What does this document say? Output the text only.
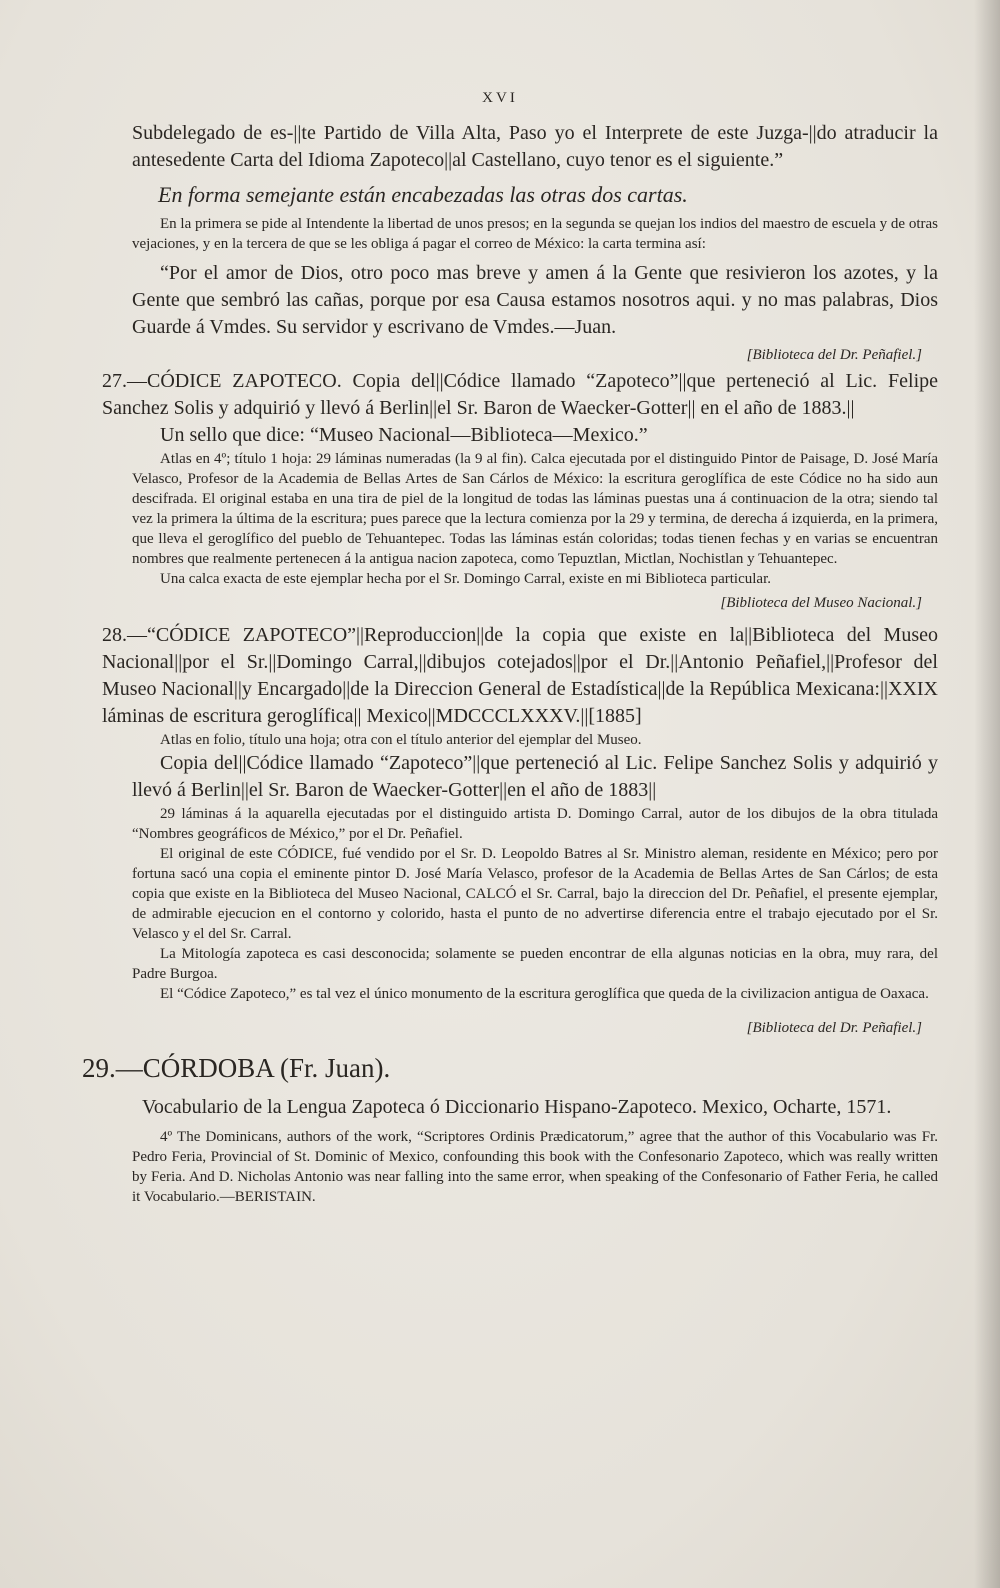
XVI

Subdelegado de es-||te Partido de Villa Alta, Paso yo el Interprete de este Juzga-||do atraducir la antesedente Carta del Idioma Zapoteco||al Castellano, cuyo tenor es el siguiente.”

En forma semejante están encabezadas las otras dos cartas.

En la primera se pide al Intendente la libertad de unos presos; en la segunda se quejan los indios del maestro de escuela y de otras vejaciones, y en la tercera de que se les obliga á pagar el correo de México: la carta termina así:

“Por el amor de Dios, otro poco mas breve y amen á la Gente que resivieron los azotes, y la Gente que sembró las cañas, porque por esa Causa estamos nosotros aqui. y no mas palabras, Dios Guarde á Vmdes. Su servidor y escrivano de Vmdes.—Juan.

[Biblioteca del Dr. Peñafiel.]

27.—CÓDICE ZAPOTECO. Copia del||Códice llamado “Zapoteco”||que perteneció al Lic. Felipe Sanchez Solis y adquirió y llevó á Berlin||el Sr. Baron de Waecker-Gotter|| en el año de 1883.||

Un sello que dice: “Museo Nacional—Biblioteca—Mexico.”

Atlas en 4º; título 1 hoja: 29 láminas numeradas (la 9 al fin). Calca ejecutada por el distinguido Pintor de Paisage, D. José María Velasco, Profesor de la Academia de Bellas Artes de San Cárlos de México: la escritura geroglífica de este Códice no ha sido aun descifrada. El original estaba en una tira de piel de la longitud de todas las láminas puestas una á continuacion de la otra; siendo tal vez la primera la última de la escritura; pues parece que la lectura comienza por la 29 y termina, de derecha á izquierda, en la primera, que lleva el geroglífico del pueblo de Tehuantepec. Todas las láminas están coloridas; todas tienen fechas y en varias se encuentran nombres que realmente pertenecen á la antigua nacion zapoteca, como Tepuztlan, Mictlan, Nochistlan y Tehuantepec.

Una calca exacta de este ejemplar hecha por el Sr. Domingo Carral, existe en mi Biblioteca particular.

[Biblioteca del Museo Nacional.]

28.—“CÓDICE ZAPOTECO”||Reproduccion||de la copia que existe en la||Biblioteca del Museo Nacional||por el Sr.||Domingo Carral,||dibujos cotejados||por el Dr.||Antonio Peñafiel,||Profesor del Museo Nacional||y Encargado||de la Direccion General de Estadística||de la República Mexicana:||XXIX láminas de escritura geroglífica|| Mexico||MDCCCLXXXV.||[1885]

Atlas en folio, título una hoja; otra con el título anterior del ejemplar del Museo.

Copia del||Códice llamado “Zapoteco”||que perteneció al Lic. Felipe Sanchez Solis y adquirió y llevó á Berlin||el Sr. Baron de Waecker-Gotter||en el año de 1883||

29 láminas á la aquarella ejecutadas por el distinguido artista D. Domingo Carral, autor de los dibujos de la obra titulada “Nombres geográficos de México,” por el Dr. Peñafiel.

El original de este CÓDICE, fué vendido por el Sr. D. Leopoldo Batres al Sr. Ministro aleman, residente en México; pero por fortuna sacó una copia el eminente pintor D. José María Velasco, profesor de la Academia de Bellas Artes de San Cárlos; de esta copia que existe en la Biblioteca del Museo Nacional, CALCÓ el Sr. Carral, bajo la direccion del Dr. Peñafiel, el presente ejemplar, de admirable ejecucion en el contorno y colorido, hasta el punto de no advertirse diferencia entre el trabajo ejecutado por el Sr. Velasco y el del Sr. Carral.

La Mitología zapoteca es casi desconocida; solamente se pueden encontrar de ella algunas noticias en la obra, muy rara, del Padre Burgoa.

El “Códice Zapoteco,” es tal vez el único monumento de la escritura geroglífica que queda de la civilizacion antigua de Oaxaca.

[Biblioteca del Dr. Peñafiel.]

29.—CÓRDOBA (Fr. Juan).

Vocabulario de la Lengua Zapoteca ó Diccionario Hispano-Zapoteco. Mexico, Ocharte, 1571.

4º The Dominicans, authors of the work, “Scriptores Ordinis Prædicatorum,” agree that the author of this Vocabulario was Fr. Pedro Feria, Provincial of St. Dominic of Mexico, confounding this book with the Confesonario Zapoteco, which was really written by Feria. And D. Nicholas Antonio was near falling into the same error, when speaking of the Confesonario of Father Feria, he called it Vocabulario.—BERISTAIN.
